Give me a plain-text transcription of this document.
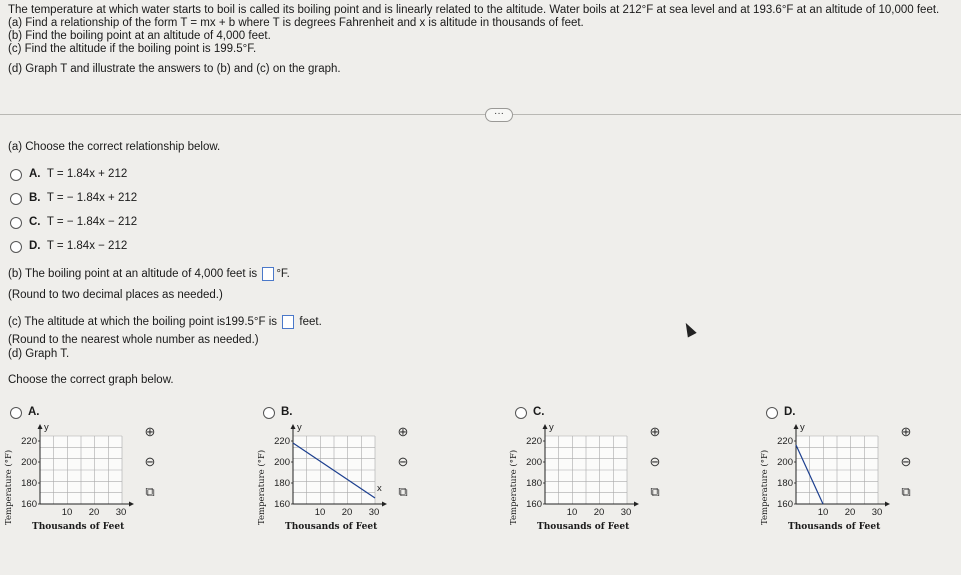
The temperature at which water starts to boil is called its boiling point and is linearly related to the altitude. Water boils at 212°F at sea level and at 193.6°F at an altitude of 10,000 feet.
(a) Find a relationship of the form T = mx + b where T is degrees Fahrenheit and x is altitude in thousands of feet.
(b) Find the boiling point at an altitude of 4,000 feet.
(c) Find the altitude if the boiling point is 199.5°F.
(d) Graph T and illustrate the answers to (b) and (c) on the graph.
···
(a) Choose the correct relationship below.
A. T = 1.84x + 212
B. T = − 1.84x + 212
C. T = − 1.84x − 212
D. T = 1.84x − 212
(b) The boiling point at an altitude of 4,000 feet is °F.
(Round to two decimal places as needed.)
(c) The altitude at which the boiling point is199.5°F is  feet.
(Round to the nearest whole number as needed.)
(d) Graph T.
Choose the correct graph below.
A.
Temperature (°F)
y
220
200
180
160
10 20 30
Thousands of Feet
⊕
⊖
⧉
B.
Temperature (°F)
y
x
220
200
180
160
10 20 30
Thousands of Feet
⊕
⊖
⧉
C.
Temperature (°F)
y
220
200
180
160
10 20 30
Thousands of Feet
⊕
⊖
⧉
D.
Temperature (°F)
y
220
200
180
160
10 20 30
Thousands of Feet
⊕
⊖
⧉
